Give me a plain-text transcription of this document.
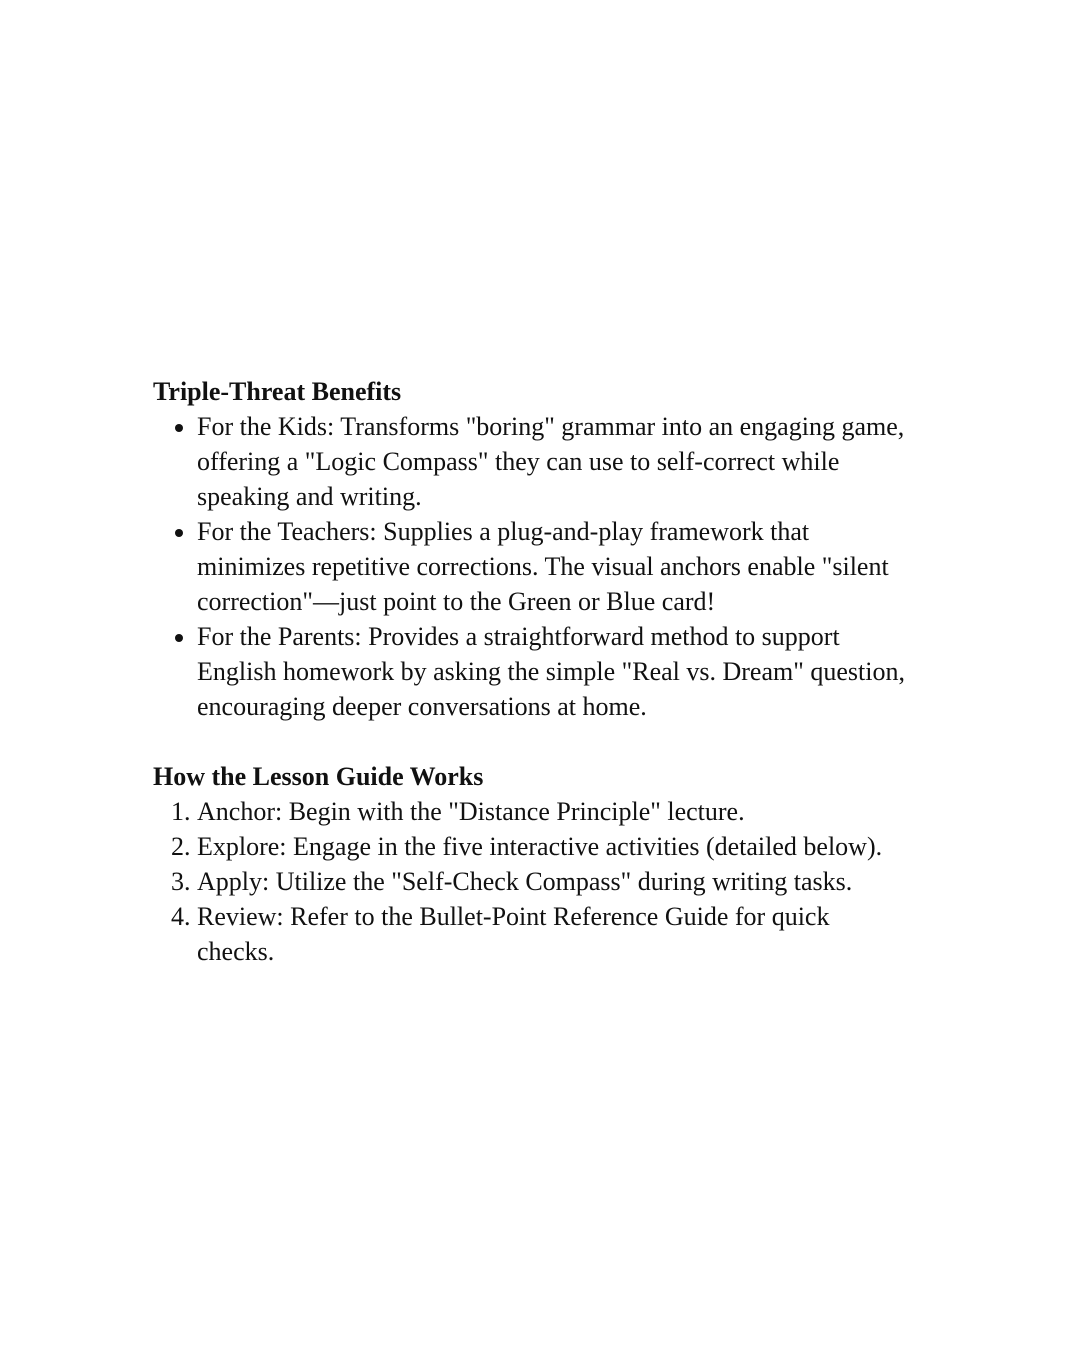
Triple-Threat Benefits
• For the Kids: Transforms "boring" grammar into an engaging game, offering a "Logic Compass" they can use to self-correct while speaking and writing.
• For the Teachers: Supplies a plug-and-play framework that minimizes repetitive corrections. The visual anchors enable "silent correction"—just point to the Green or Blue card!
• For the Parents: Provides a straightforward method to support English homework by asking the simple "Real vs. Dream" question, encouraging deeper conversations at home.
How the Lesson Guide Works
1. Anchor: Begin with the "Distance Principle" lecture.
2. Explore: Engage in the five interactive activities (detailed below).
3. Apply: Utilize the "Self-Check Compass" during writing tasks.
4. Review: Refer to the Bullet-Point Reference Guide for quick checks.
